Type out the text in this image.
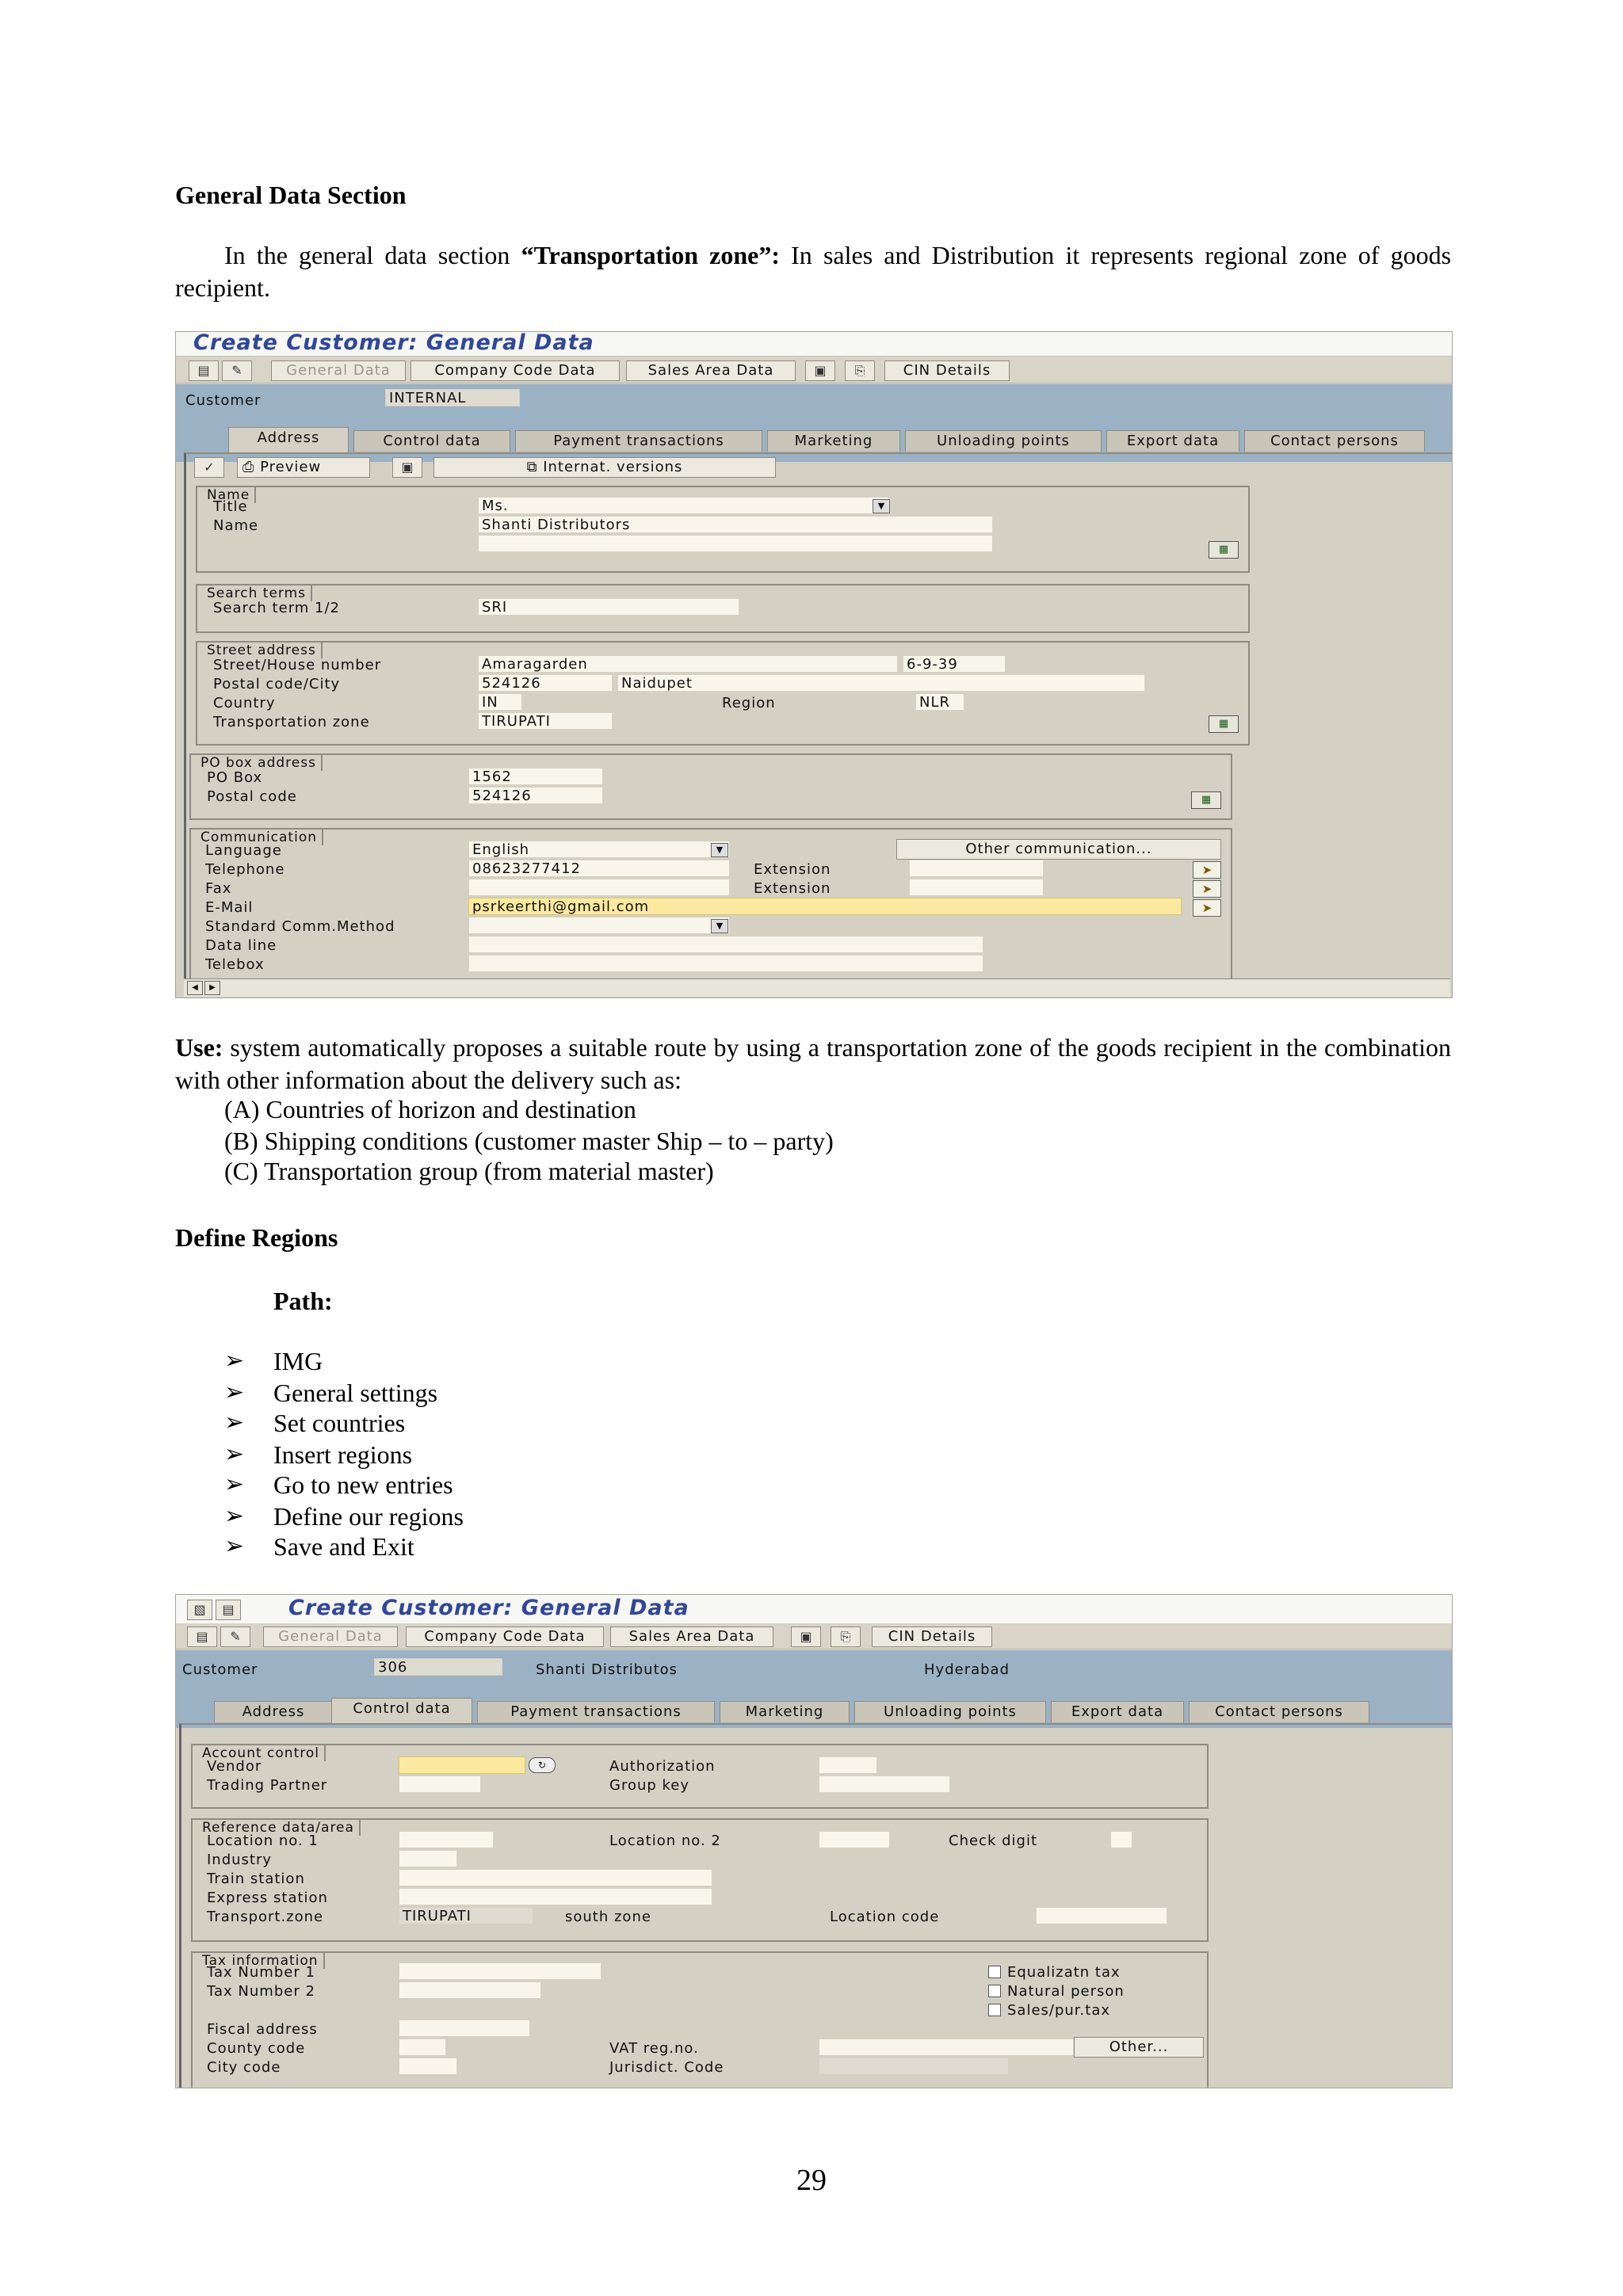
General Data Section
In the general data section “Transportation zone”: In sales and Distribution it represents regional zone of goods recipient.
Create Customer: General Data
▤	✎	General Data	Company Code Data	Sales Area Data	▣	⎘	CIN Details
Customer	INTERNAL
Address	Control data	Payment transactions	Marketing	Unloading points	Export data	Contact persons
✓	⎙ Preview	▣	⧉ Internat. versions
Name
Title	Ms.	▼
Name	Shanti Distributors
▦
Search terms
Search term 1/2	SRI
Street address
Street/House number	Amaragarden	6-9-39
Postal code/City	524126	Naidupet
Country	IN	Region	NLR
Transportation zone	TIRUPATI	▦
PO box address
PO Box	1562
Postal code	524126	▦
Communication
Language	English	▼	Other communication...
Telephone	08623277412	Extension	➤
Fax	Extension	➤
E-Mail	psrkeerthi@gmail.com	➤
Standard Comm.Method	▼
Data line
Telebox
◀	▶
Use: system automatically proposes a suitable route by using a transportation zone of the goods recipient in the combination with other information about the delivery such as:
(A) Countries of horizon and destination
(B) Shipping conditions (customer master Ship – to – party)
(C) Transportation group (from material master)
Define Regions
Path:
➢ IMG
➢ General settings
➢ Set countries
➢ Insert regions
➢ Go to new entries
➢ Define our regions
➢ Save and Exit
▧	▤	Create Customer: General Data
▤	✎	General Data	Company Code Data	Sales Area Data	▣	⎘	CIN Details
Customer	306	Shanti Distributos	Hyderabad
Address	Control data	Payment transactions	Marketing	Unloading points	Export data	Contact persons
Account control
Vendor	↻	Authorization
Trading Partner	Group key
Reference data/area
Location no. 1	Location no. 2	Check digit
Industry
Train station
Express station
Transport.zone	TIRUPATI	south zone	Location code
Tax information
Tax Number 1	Equalizatn tax
Tax Number 2	Natural person
Sales/pur.tax
Fiscal address
County code	VAT reg.no.	Other...
City code	Jurisdict. Code
29
